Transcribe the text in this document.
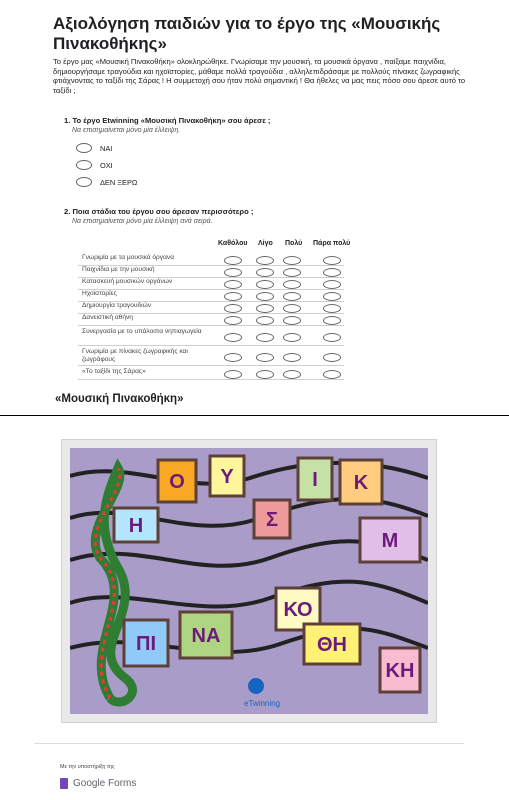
Αξιολόγηση παιδιών για το έργο της «Μουσικής Πινακοθήκης»
Το έργο μας «Μουσική Πινακοθήκη» ολοκληρώθηκε. Γνωρίσαμε την μουσική, τα μουσικά όργανα , παίξαμε παιχνίδια, δημιουργήσαμε τραγούδια και ηχοϊστορίες, μάθαμε πολλά τραγούδια , αλληλεπιδράσαμε με πολλούς πίνακες ζωγραφικής φτιάχνοντας το ταξίδι της Σάρας ! Η συμμετοχή σου ήταν πολύ σημαντική ! Θα ήθελες να μας πεις πόσο σου άρεσε αυτό το ταξίδι ;
1. Το έργο Etwinning «Μουσική Πινακοθήκη» σου άρεσε ;
Να επισημαίνεται μόνο μία έλλειψη.
ΝΑΙ
ΟΧΙ
ΔΕΝ ΞΕΡΩ
2. Ποια στάδια του έργου σου άρεσαν περισσότερο ;
Να επισημαίνεται μόνο μία έλλειψη ανά σειρά.
Καθόλου Λίγο Πολύ Πάρα πολύ
Γνωριμία με τα μουσικά όργανα
Παιχνίδια με την μουσική
Κατασκευή μουσικών οργάνων
Ηχοϊστορίες
Δημιουργία τραγουδιών
Δανειστική αθήνη
Συνεργασία με το υπάλοιπα νηπιαγωγεία
Γνωριμία με πίνακες ζωγραφικής και ζωγράφους
«Το ταξίδι της Σάρας»
«Μουσική Πινακοθήκη»
Ο Υ
Σ
Ι Κ
Η
ΚΟ
ΠΙ ΝΑ	ΘΗ
ΚΗ
Μ
eTwinning
Με την υποστήριξη της
Google Forms
